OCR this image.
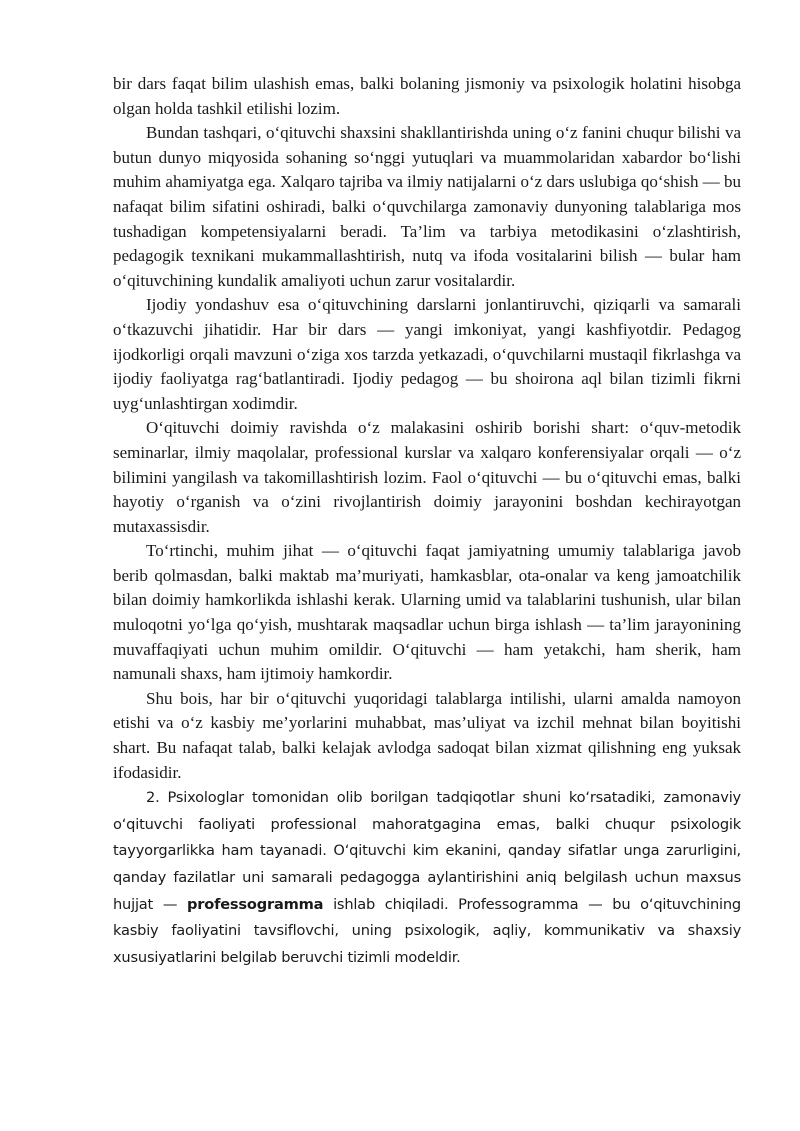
bir dars faqat bilim ulashish emas, balki bolaning jismoniy va psixologik holatini hisobga olgan holda tashkil etilishi lozim.

Bundan tashqari, o‘qituvchi shaxsini shakllantirishda uning o‘z fanini chuqur bilishi va butun dunyo miqyosida sohaning so‘nggi yutuqlari va muammolaridan xabardor bo‘lishi muhim ahamiyatga ega. Xalqaro tajriba va ilmiy natijalarni o‘z dars uslubiga qo‘shish — bu nafaqat bilim sifatini oshiradi, balki o‘quvchilarga zamonaviy dunyoning talablariga mos tushadigan kompetensiyalarni beradi. Ta’lim va tarbiya metodikasini o‘zlashtirish, pedagogik texnikani mukammallashtirish, nutq va ifoda vositalarini bilish — bular ham o‘qituvchining kundalik amaliyoti uchun zarur vositalardir.

Ijodiy yondashuv esa o‘qituvchining darslarni jonlantiruvchi, qiziqarli va samarali o‘tkazuvchi jihatidir. Har bir dars — yangi imkoniyat, yangi kashfiyotdir. Pedagog ijodkorligi orqali mavzuni o‘ziga xos tarzda yetkazadi, o‘quvchilarni mustaqil fikrlashga va ijodiy faoliyatga rag‘batlantiradi. Ijodiy pedagog — bu shoirona aql bilan tizimli fikrni uyg‘unlashtirgan xodimdir.

O‘qituvchi doimiy ravishda o‘z malakasini oshirib borishi shart: o‘quv-metodik seminarlar, ilmiy maqolalar, professional kurslar va xalqaro konferensiyalar orqali — o‘z bilimini yangilash va takomillashtirish lozim. Faol o‘qituvchi — bu o‘qituvchi emas, balki hayotiy o‘rganish va o‘zini rivojlantirish doimiy jarayonini boshdan kechirayotgan mutaxassisdir.

To‘rtinchi, muhim jihat — o‘qituvchi faqat jamiyatning umumiy talablariga javob berib qolmasdan, balki maktab ma’muriyati, hamkasblar, ota-onalar va keng jamoatchilik bilan doimiy hamkorlikda ishlashi kerak. Ularning umid va talablarini tushunish, ular bilan muloqotni yo‘lga qo‘yish, mushtarak maqsadlar uchun birga ishlash — ta’lim jarayonining muvaffaqiyati uchun muhim omildir. O‘qituvchi — ham yetakchi, ham sherik, ham namunali shaxs, ham ijtimoiy hamkordir.

Shu bois, har bir o‘qituvchi yuqoridagi talablarga intilishi, ularni amalda namoyon etishi va o‘z kasbiy me’yorlarini muhabbat, mas’uliyat va izchil mehnat bilan boyitishi shart. Bu nafaqat talab, balki kelajak avlodga sadoqat bilan xizmat qilishning eng yuksak ifodasidir.

2. Psixologlar tomonidan olib borilgan tadqiqotlar shuni ko‘rsatadiki, zamonaviy o‘qituvchi faoliyati professional mahoratgagina emas, balki chuqur psixologik tayyorgarlikka ham tayanadi. O‘qituvchi kim ekanini, qanday sifatlar unga zarurligini, qanday fazilatlar uni samarali pedagogga aylantirishini aniq belgilash uchun maxsus hujjat — professogramma ishlab chiqiladi. Professogramma — bu o‘qituvchining kasbiy faoliyatini tavsiflovchi, uning psixologik, aqliy, kommunikativ va shaxsiy xususiyatlarini belgilab beruvchi tizimli modeldir.
